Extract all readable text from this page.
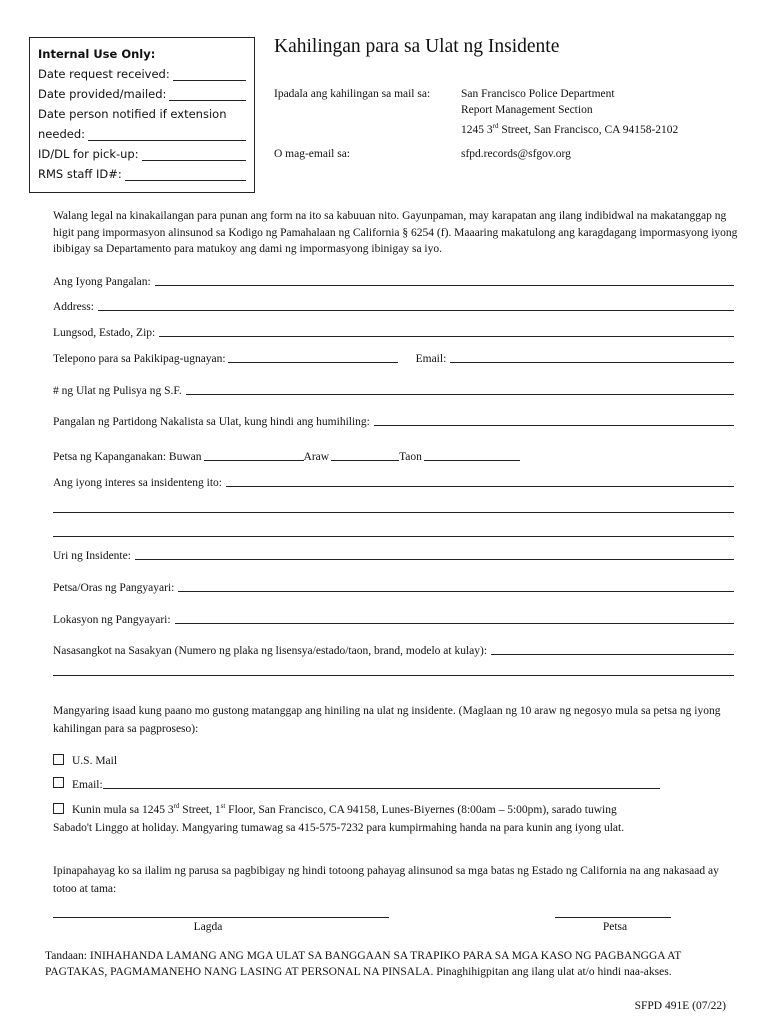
Internal Use Only:
Date request received:
Date provided/mailed:
Date person notified if extension
needed:
ID/DL for pick-up:
RMS staff ID#:
Kahilingan para sa Ulat ng Insidente
Ipadala ang kahilingan sa mail sa:	San Francisco Police Department
Report Management Section
1245 3rd Street, San Francisco, CA 94158-2102
O mag-email sa:	sfpd.records@sfgov.org
Walang legal na kinakailangan para punan ang form na ito sa kabuuan nito. Gayunpaman, may karapatan ang ilang indibidwal na makatanggap ng higit pang impormasyon alinsunod sa Kodigo ng Pamahalaan ng California § 6254 (f). Maaaring makatulong ang karagdagang impormasyong iyong ibibigay sa Departamento para matukoy ang dami ng impormasyong ibinigay sa iyo.
Ang Iyong Pangalan:
Address:
Lungsod, Estado, Zip:
Telepono para sa Pakikipag-ugnayan:	Email:
# ng Ulat ng Pulisya ng S.F.
Pangalan ng Partidong Nakalista sa Ulat, kung hindi ang humihiling:
Petsa ng Kapanganakan: Buwan	Araw	Taon
Ang iyong interes sa insidenteng ito:
Uri ng Insidente:
Petsa/Oras ng Pangyayari:
Lokasyon ng Pangyayari:
Nasasangkot na Sasakyan (Numero ng plaka ng lisensya/estado/taon, brand, modelo at kulay):
Mangyaring isaad kung paano mo gustong matanggap ang hiniling na ulat ng insidente. (Maglaan ng 10 araw ng negosyo mula sa petsa ng iyong kahilingan para sa pagproseso):
U.S. Mail
Email:
Kunin mula sa 1245 3rd Street, 1st Floor, San Francisco, CA 94158, Lunes-Biyernes (8:00am – 5:00pm), sarado tuwing
Sabado't Linggo at holiday. Mangyaring tumawag sa 415-575-7232 para kumpirmahing handa na para kunin ang iyong ulat.
Ipinapahayag ko sa ilalim ng parusa sa pagbibigay ng hindi totoong pahayag alinsunod sa mga batas ng Estado ng California na ang nakasaad ay totoo at tama:
Lagda	Petsa
Tandaan: INIHAHANDA LAMANG ANG MGA ULAT SA BANGGAAN SA TRAPIKO PARA SA MGA KASO NG PAGBANGGA AT PAGTAKAS, PAGMAMANEHO NANG LASING AT PERSONAL NA PINSALA. Pinaghihigpitan ang ilang ulat at/o hindi naa-akses.
SFPD 491E (07/22)
